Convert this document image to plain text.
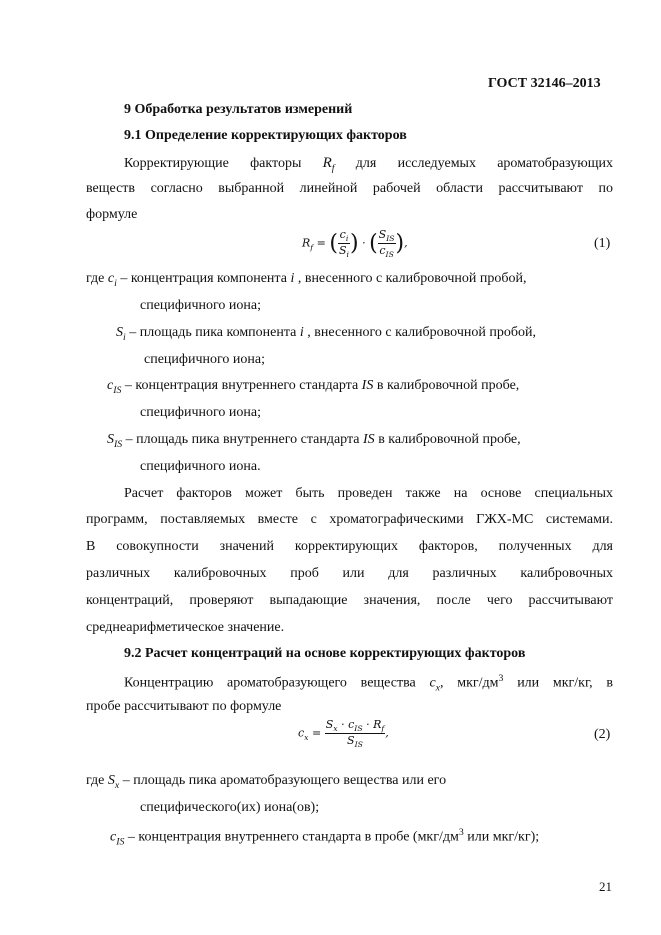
ГОСТ 32146–2013
9 Обработка результатов измерений
9.1 Определение корректирующих факторов
Корректирующие факторы $R_f$ для исследуемых ароматобразующих
веществ согласно выбранной линейной рабочей области рассчитывают по
формуле
$R_f$ = ( $\frac{c_i}{S_i}$ ) · ( $\frac{S_{IS}}{c_{IS}}$ ),	(1)
где $c_i$ – концентрация компонента i , внесенного с калибровочной пробой,
специфичного иона;
$S_i$ – площадь пика компонента i , внесенного с калибровочной пробой,
специфичного иона;
$c_{IS}$ – концентрация внутреннего стандарта IS в калибровочной пробе,
специфичного иона;
$S_{IS}$ – площадь пика внутреннего стандарта IS в калибровочной пробе,
специфичного иона.
Расчет факторов может быть проведен также на основе специальных
программ, поставляемых вместе с хроматографическими ГЖХ-МС системами.
В совокупности значений корректирующих факторов, полученных для
различных калибровочных проб или для различных калибровочных
концентраций, проверяют выпадающие значения, после чего рассчитывают
среднеарифметическое значение.
9.2 Расчет концентраций на основе корректирующих факторов
Концентрацию ароматобразующего вещества $c_x$, мкг/$дм^3$ или мкг/кг, в
пробе рассчитывают по формуле
$c_x = \frac{S_x \cdot c_{IS} \cdot R_f}{S_{IS}}$ ,	(2)
где $S_x$ – площадь пика ароматобразующего вещества или его
специфического(их) иона(ов);
$c_{IS}$ – концентрация внутреннего стандарта в пробе ($мкг/дм^3$ или мкг/кг);
21
